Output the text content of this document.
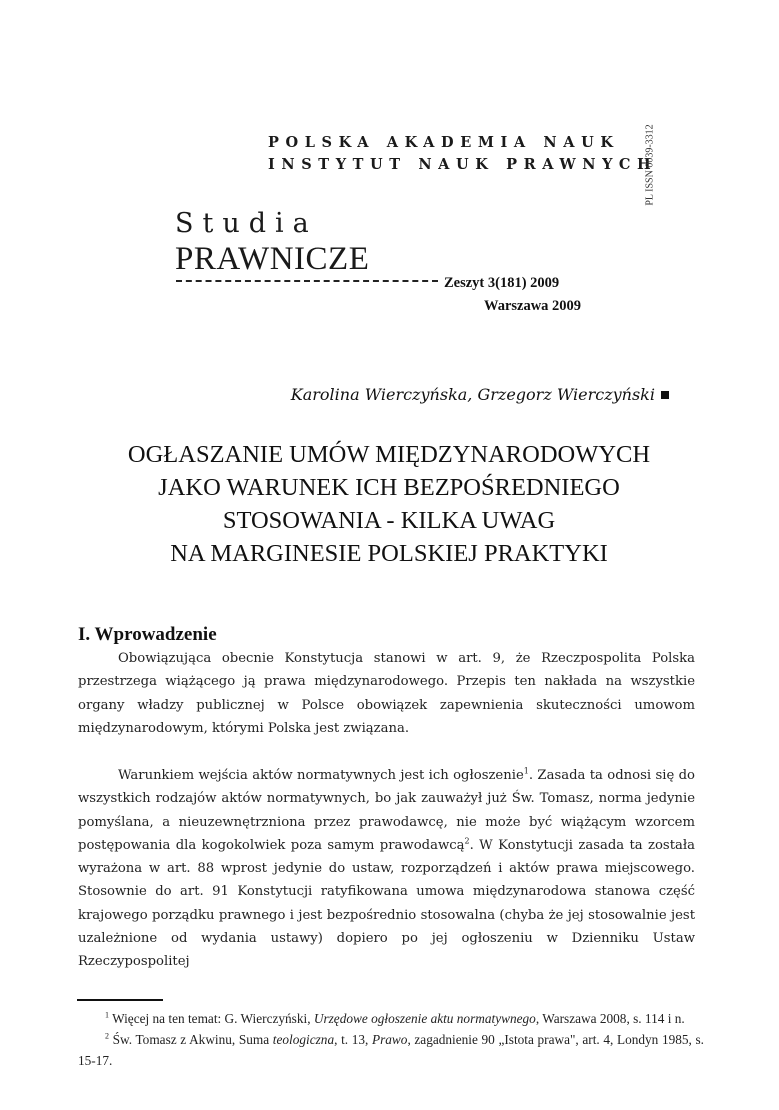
POLSKA AKADEMIA NAUK
INSTYTUT NAUK PRAWNYCH
PL ISSN 0039-3312
Studia
PRAWNICZE
Zeszyt 3(181) 2009
Warszawa 2009
Karolina Wierczyńska, Grzegorz Wierczyński
OGŁASZANIE UMÓW MIĘDZYNARODOWYCH
JAKO WARUNEK ICH BEZPOŚREDNIEGO
STOSOWANIA - KILKA UWAG
NA MARGINESIE POLSKIEJ PRAKTYKI
I. Wprowadzenie

Obowiązująca obecnie Konstytucja stanowi w art. 9, że Rzeczpospolita Polska przestrzega wiążącego ją prawa międzynarodowego. Przepis ten nakłada na wszystkie organy władzy publicznej w Polsce obowiązek zapewnienia skuteczności umowom międzynarodowym, którymi Polska jest związana.

Warunkiem wejścia aktów normatywnych jest ich ogłoszenie$^1$. Zasada ta odnosi się do wszystkich rodzajów aktów normatywnych, bo jak zauważył już Św. Tomasz, norma jedynie pomyślana, a nieuzewnętrzniona przez prawodawcę, nie może być wiążącym wzorcem postępowania dla kogokolwiek poza samym prawodawcą$^2$. W Konstytucji zasada ta została wyrażona w art. 88 wprost jedynie do ustaw, rozporządzeń i aktów prawa miejscowego. Stosownie do art. 91 Konstytucji ratyfikowana umowa międzynarodowa stanowa część krajowego porządku prawnego i jest bezpośrednio stosowalna (chyba że jej stosowalnie jest uzależnione od wydania ustawy) dopiero po jej ogłoszeniu w Dzienniku Ustaw Rzeczypospolitej

$^1$ Więcej na ten temat: G. Wierczyński, Urzędowe ogłoszenie aktu normatywnego, Warszawa 2008, s. 114 i n.

$^2$ Św. Tomasz z Akwinu, Suma teologiczna, t. 13, Prawo, zagadnienie 90 „Istota prawa", art. 4, Londyn 1985, s. 15-17.
